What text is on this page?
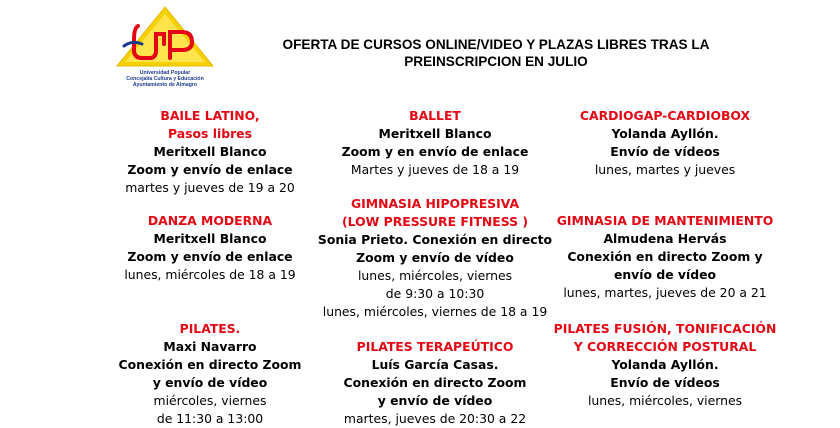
Universidad Popular
Concejalía Cultura y Educación
Ayuntamiento de Almagro
OFERTA DE CURSOS ONLINE/VIDEO Y PLAZAS LIBRES TRAS LA
PREINSCRIPCION EN JULIO
BAILE LATINO,
Pasos libres
Meritxell Blanco
Zoom y envío de enlace
martes y jueves de 19 a 20
BALLET
Meritxell Blanco
Zoom y en envío de enlace
Martes y jueves de 18 a 19
CARDIOGAP-CARDIOBOX
Yolanda Ayllón.
Envío de vídeos
lunes, martes y jueves
DANZA MODERNA
Meritxell Blanco
Zoom y envío de enlace
lunes, miércoles de 18 a 19
GIMNASIA HIPOPRESIVA
(LOW PRESSURE FITNESS )
Sonia Prieto. Conexión en directo
Zoom y envío de vídeo
lunes, miércoles, viernes
de 9:30 a 10:30
lunes, miércoles, viernes de 18 a 19
GIMNASIA DE MANTENIMIENTO
Almudena Hervás
Conexión en directo Zoom y
envío de vídeo
lunes, martes, jueves de 20 a 21
PILATES.
Maxi Navarro
Conexión en directo Zoom
y envío de vídeo
miércoles, viernes
de 11:30 a 13:00
PILATES TERAPEÚTICO
Luís García Casas.
Conexión en directo Zoom
y envío de vídeo
martes, jueves de 20:30 a 22
PILATES FUSIÓN, TONIFICACIÓN
Y CORRECCIÓN POSTURAL
Yolanda Ayllón.
Envío de vídeos
lunes, miércoles, viernes
